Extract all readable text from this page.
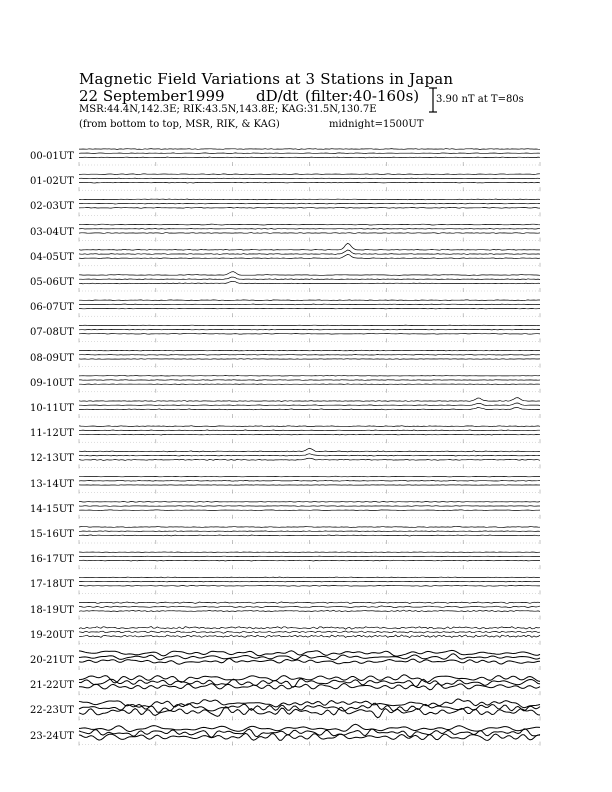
Magnetic Field Variations at 3 Stations in Japan
22 September1999 dD/dt (filter:40-160s)
MSR:44.4N,142.3E; RIK:43.5N,143.8E; KAG:31.5N,130.7E
(from bottom to top, MSR, RIK, & KAG)	midnight=1500UT
3.90 nT at T=80s
00-01UT
01-02UT
02-03UT
03-04UT
04-05UT
05-06UT
06-07UT
07-08UT
08-09UT
09-10UT
10-11UT
11-12UT
12-13UT
13-14UT
14-15UT
15-16UT
16-17UT
17-18UT
18-19UT
19-20UT
20-21UT
21-22UT
22-23UT
23-24UT
